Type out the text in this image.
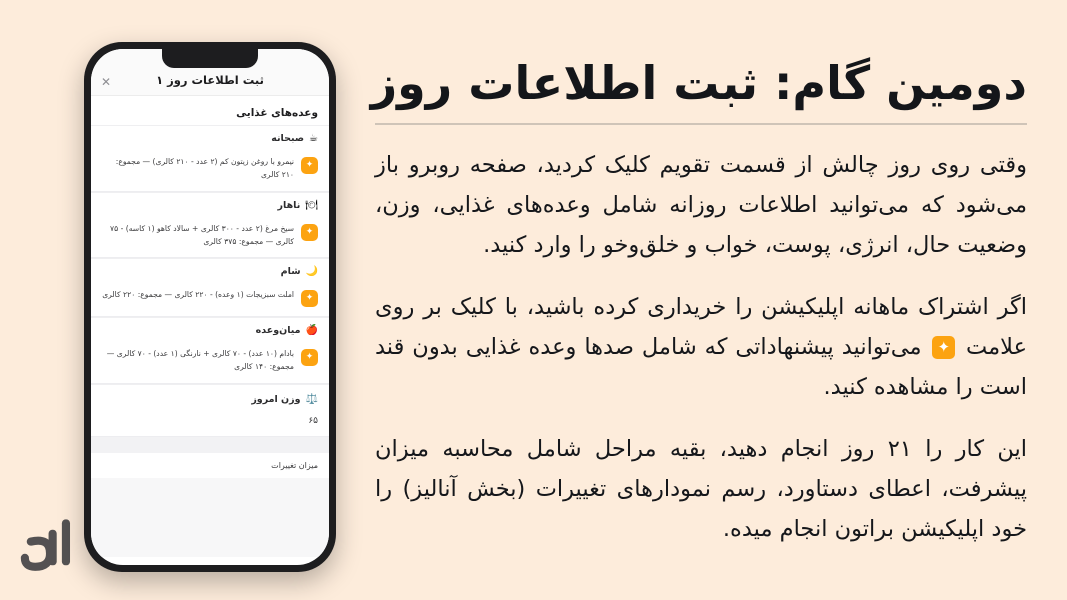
ثبت اطلاعات روز ۱
✕
وعده‌های غذایی
☕
صبحانه
✦
نیمرو با روغن زیتون کم (۲ عدد - ۲۱۰ کالری) — مجموع: ۲۱۰ کالری
🍽
ناهار
✦
سیخ مرغ (۲ عدد - ۳۰۰ کالری + سالاد کاهو (۱ کاسه) - ۷۵ کالری — مجموع: ۳۷۵ کالری
🌙
شام
✦
املت سبزیجات (۱ وعده) - ۲۲۰ کالری — مجموع: ۲۲۰ کالری
🍎
میان‌وعده
✦
بادام (۱۰ عدد) - ۷۰ کالری + نارنگی (۱ عدد) - ۷۰ کالری — مجموع: ۱۴۰ کالری
⚖️
وزن امروز
۶۵
میزان تغییرات
دومین گام: ثبت اطلاعات روز

وقتی روی روز چالش از قسمت تقویم کلیک کردید، صفحه روبرو باز می‌شود که می‌توانید اطلاعات روزانه شامل وعده‌های غذایی، وزن، وضعیت حال، انرژی، پوست، خواب و خلق‌وخو را وارد کنید.

اگر اشتراک ماهانه اپلیکیشن را خریداری کرده باشید، با کلیک بر روی علامت ✦ می‌توانید پیشنهاداتی که شامل صدها وعده غذایی بدون قند است را مشاهده کنید.

این کار را ۲۱ روز انجام دهید، بقیه مراحل شامل محاسبه میزان پیشرفت، اعطای دستاورد، رسم نمودارهای تغییرات (بخش آنالیز) را خود اپلیکیشن براتون انجام میده.
